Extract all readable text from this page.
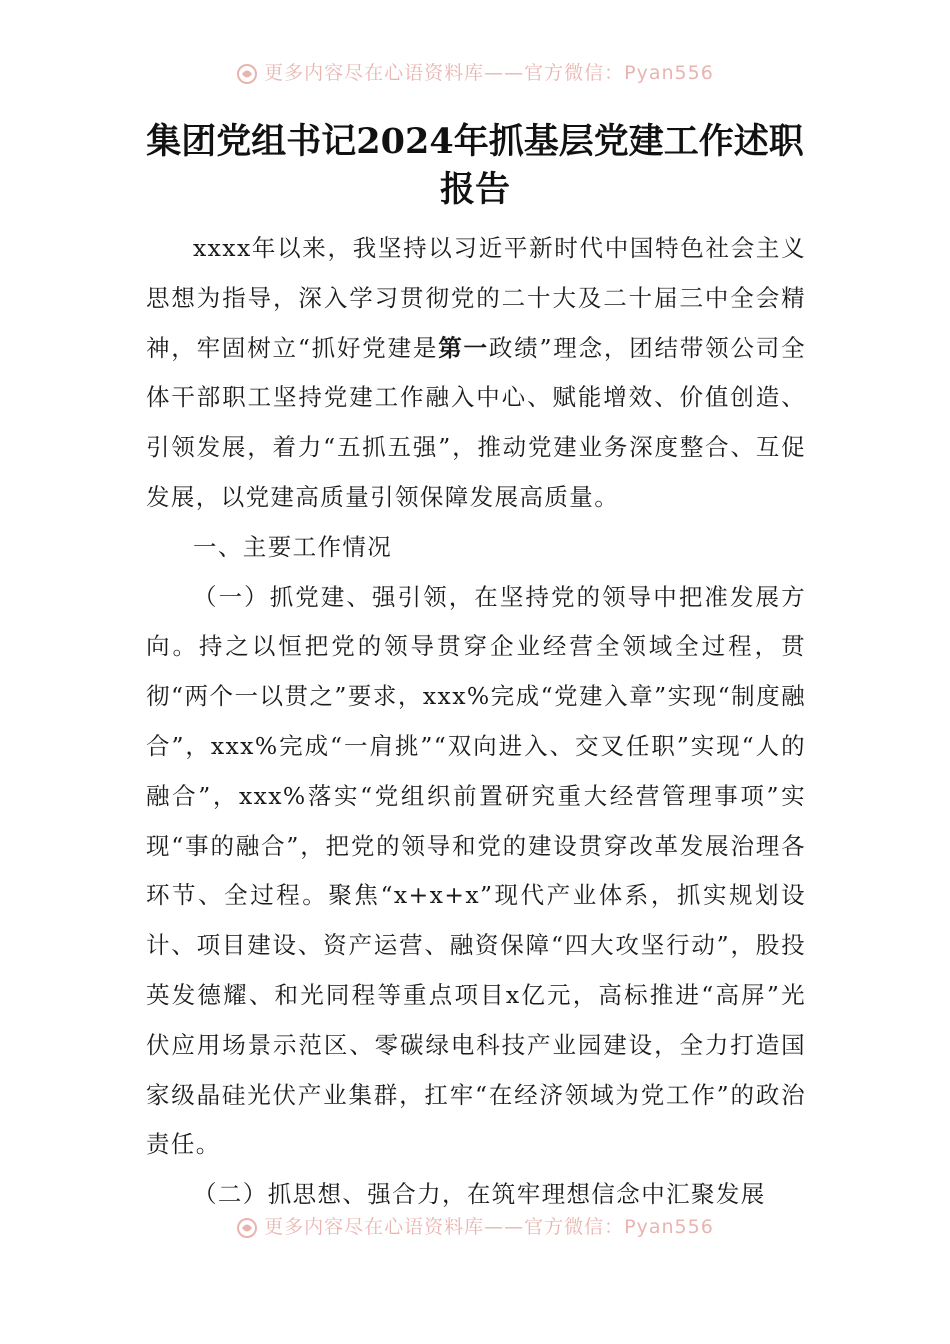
更多内容尽在心语资料库——官方微信：Pyan556
集团党组书记2024年抓基层党建工作述职报告

xxxx年以来，我坚持以习近平新时代中国特色社会主义思想为指导，深入学习贯彻党的二十大及二十届三中全会精神，牢固树立“抓好党建是第一政绩”理念，团结带领公司全体干部职工坚持党建工作融入中心、赋能增效、价值创造、引领发展，着力“五抓五强”，推动党建业务深度整合、互促发展，以党建高质量引领保障发展高质量。

一、主要工作情况

（一）抓党建、强引领，在坚持党的领导中把准发展方向。持之以恒把党的领导贯穿企业经营全领域全过程，贯彻“两个一以贯之”要求，xxx%完成“党建入章”实现“制度融合”，xxx%完成“一肩挑”“双向进入、交叉任职”实现“人的融合”，xxx%落实“党组织前置研究重大经营管理事项”实现“事的融合”，把党的领导和党的建设贯穿改革发展治理各环节、全过程。聚焦“x+x+x”现代产业体系，抓实规划设计、项目建设、资产运营、融资保障“四大攻坚行动”，股投英发德耀、和光同程等重点项目x亿元，高标推进“高屏”光伏应用场景示范区、零碳绿电科技产业园建设，全力打造国家级晶硅光伏产业集群，扛牢“在经济领域为党工作”的政治责任。

（二）抓思想、强合力，在筑牢理想信念中汇聚发展

更多内容尽在心语资料库——官方微信：Pyan556
